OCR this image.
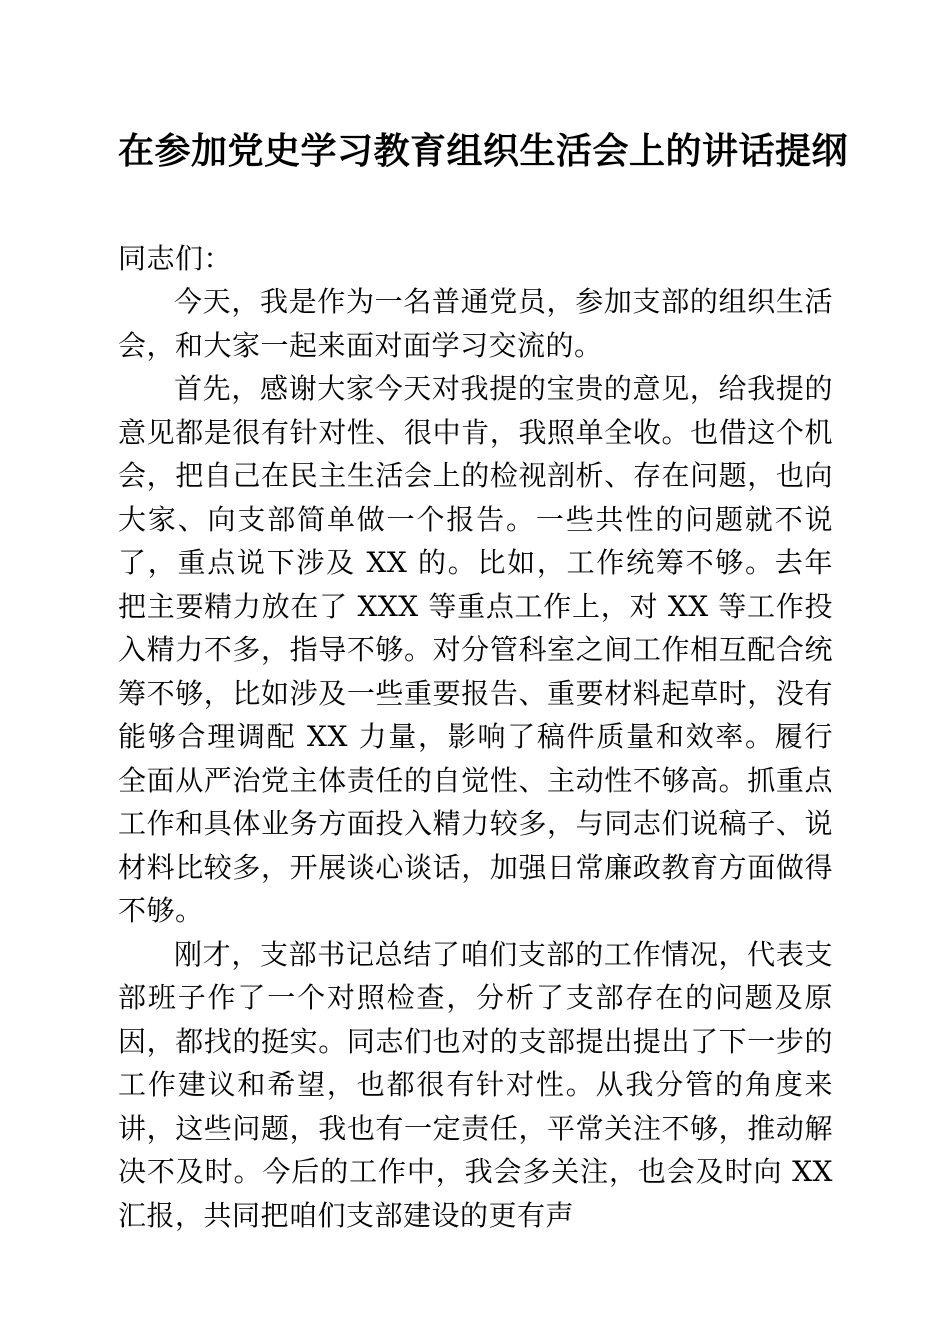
在参加党史学习教育组织生活会上的讲话提纲

同志们：

今天，我是作为一名普通党员，参加支部的组织生活会，和大家一起来面对面学习交流的。

首先，感谢大家今天对我提的宝贵的意见，给我提的意见都是很有针对性、很中肯，我照单全收。也借这个机会，把自己在民主生活会上的检视剖析、存在问题，也向大家、向支部简单做一个报告。一些共性的问题就不说了，重点说下涉及 XX 的。比如，工作统筹不够。去年把主要精力放在了 XXX 等重点工作上，对 XX 等工作投入精力不多，指导不够。对分管科室之间工作相互配合统筹不够，比如涉及一些重要报告、重要材料起草时，没有能够合理调配 XX 力量，影响了稿件质量和效率。履行全面从严治党主体责任的自觉性、主动性不够高。抓重点工作和具体业务方面投入精力较多，与同志们说稿子、说材料比较多，开展谈心谈话，加强日常廉政教育方面做得不够。

刚才，支部书记总结了咱们支部的工作情况，代表支部班子作了一个对照检查，分析了支部存在的问题及原因，都找的挺实。同志们也对的支部提出提出了下一步的工作建议和希望，也都很有针对性。从我分管的角度来讲，这些问题，我也有一定责任，平常关注不够，推动解决不及时。今后的工作中，我会多关注，也会及时向 XX 汇报，共同把咱们支部建设的更有声
